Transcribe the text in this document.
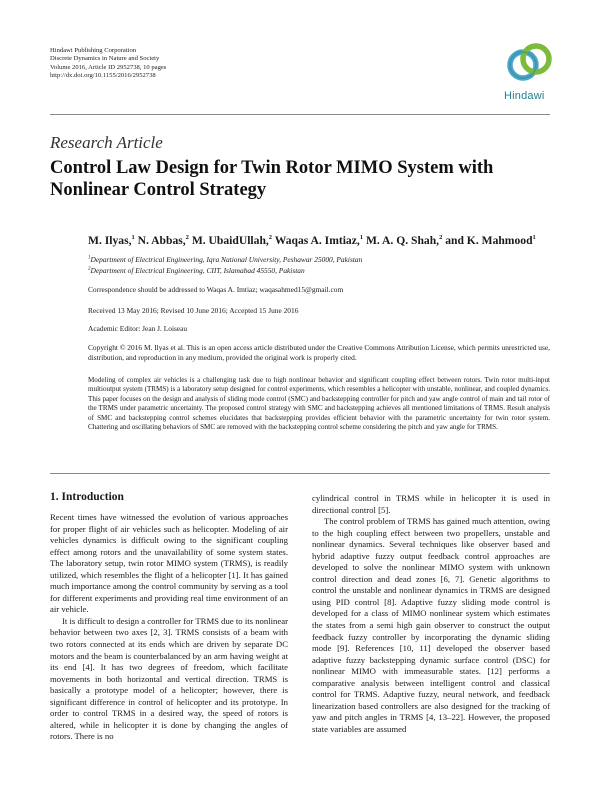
Hindawi Publishing Corporation
Discrete Dynamics in Nature and Society
Volume 2016, Article ID 2952738, 10 pages
http://dx.doi.org/10.1155/2016/2952738
Hindawi
Research Article
Control Law Design for Twin Rotor MIMO System with
Nonlinear Control Strategy
M. Ilyas,$^1$ N. Abbas,$^2$ M. UbaidUllah,$^2$ Waqas A. Imtiaz,$^1$ M. A. Q. Shah,$^2$ and K. Mahmood$^1$
$^1$Department of Electrical Engineering, Iqra National University, Peshawar 25000, Pakistan
$^2$Department of Electrical Engineering, CIIT, Islamabad 45550, Pakistan
Correspondence should be addressed to Waqas A. Imtiaz; waqasahmed15@gmail.com
Received 13 May 2016; Revised 10 June 2016; Accepted 15 June 2016
Academic Editor: Jean J. Loiseau
Copyright © 2016 M. Ilyas et al. This is an open access article distributed under the Creative Commons Attribution License, which permits unrestricted use, distribution, and reproduction in any medium, provided the original work is properly cited.
Modeling of complex air vehicles is a challenging task due to high nonlinear behavior and significant coupling effect between rotors. Twin rotor multi-input multioutput system (TRMS) is a laboratory setup designed for control experiments, which resembles a helicopter with unstable, nonlinear, and coupled dynamics. This paper focuses on the design and analysis of sliding mode control (SMC) and backstepping controller for pitch and yaw angle control of main and tail rotor of the TRMS under parametric uncertainty. The proposed control strategy with SMC and backstepping achieves all mentioned limitations of TRMS. Result analysis of SMC and backstepping control schemes elucidates that backstepping provides efficient behavior with the parametric uncertainty for twin rotor system. Chattering and oscillating behaviors of SMC are removed with the backstepping control scheme considering the pitch and yaw angle for TRMS.
1. Introduction

Recent times have witnessed the evolution of various approaches for proper flight of air vehicles such as helicopter. Modeling of air vehicles dynamics is difficult owing to the significant coupling effect among rotors and the unavailability of some system states. The laboratory setup, twin rotor MIMO system (TRMS), is readily utilized, which resembles the flight of a helicopter [1]. It has gained much importance among the control community by serving as a tool for different experiments and providing real time environment of an air vehicle.

It is difficult to design a controller for TRMS due to its nonlinear behavior between two axes [2, 3]. TRMS consists of a beam with two rotors connected at its ends which are driven by separate DC motors and the beam is counterbalanced by an arm having weight at its end [4]. It has two degrees of freedom, which facilitate movements in both horizontal and vertical direction. TRMS is basically a prototype model of a helicopter; however, there is significant difference in control of helicopter and its prototype. In order to control TRMS in a desired way, the speed of rotors is altered, while in helicopter it is done by changing the angles of rotors. There is no

cylindrical control in TRMS while in helicopter it is used in directional control [5].

The control problem of TRMS has gained much attention, owing to the high coupling effect between two propellers, unstable and nonlinear dynamics. Several techniques like observer based and hybrid adaptive fuzzy output feedback control approaches are developed to solve the nonlinear MIMO system with unknown control direction and dead zones [6, 7]. Genetic algorithms to control the unstable and nonlinear dynamics in TRMS are designed using PID control [8]. Adaptive fuzzy sliding mode control is developed for a class of MIMO nonlinear system which estimates the states from a semi high gain observer to construct the output feedback fuzzy controller by incorporating the dynamic sliding mode [9]. References [10, 11] developed the observer based adaptive fuzzy backstepping dynamic surface control (DSC) for nonlinear MIMO with immeasurable states. [12] performs a comparative analysis between intelligent control and classical control for TRMS. Adaptive fuzzy, neural network, and feedback linearization based controllers are also designed for the tracking of yaw and pitch angles in TRMS [4, 13–22]. However, the proposed state variables are assumed
